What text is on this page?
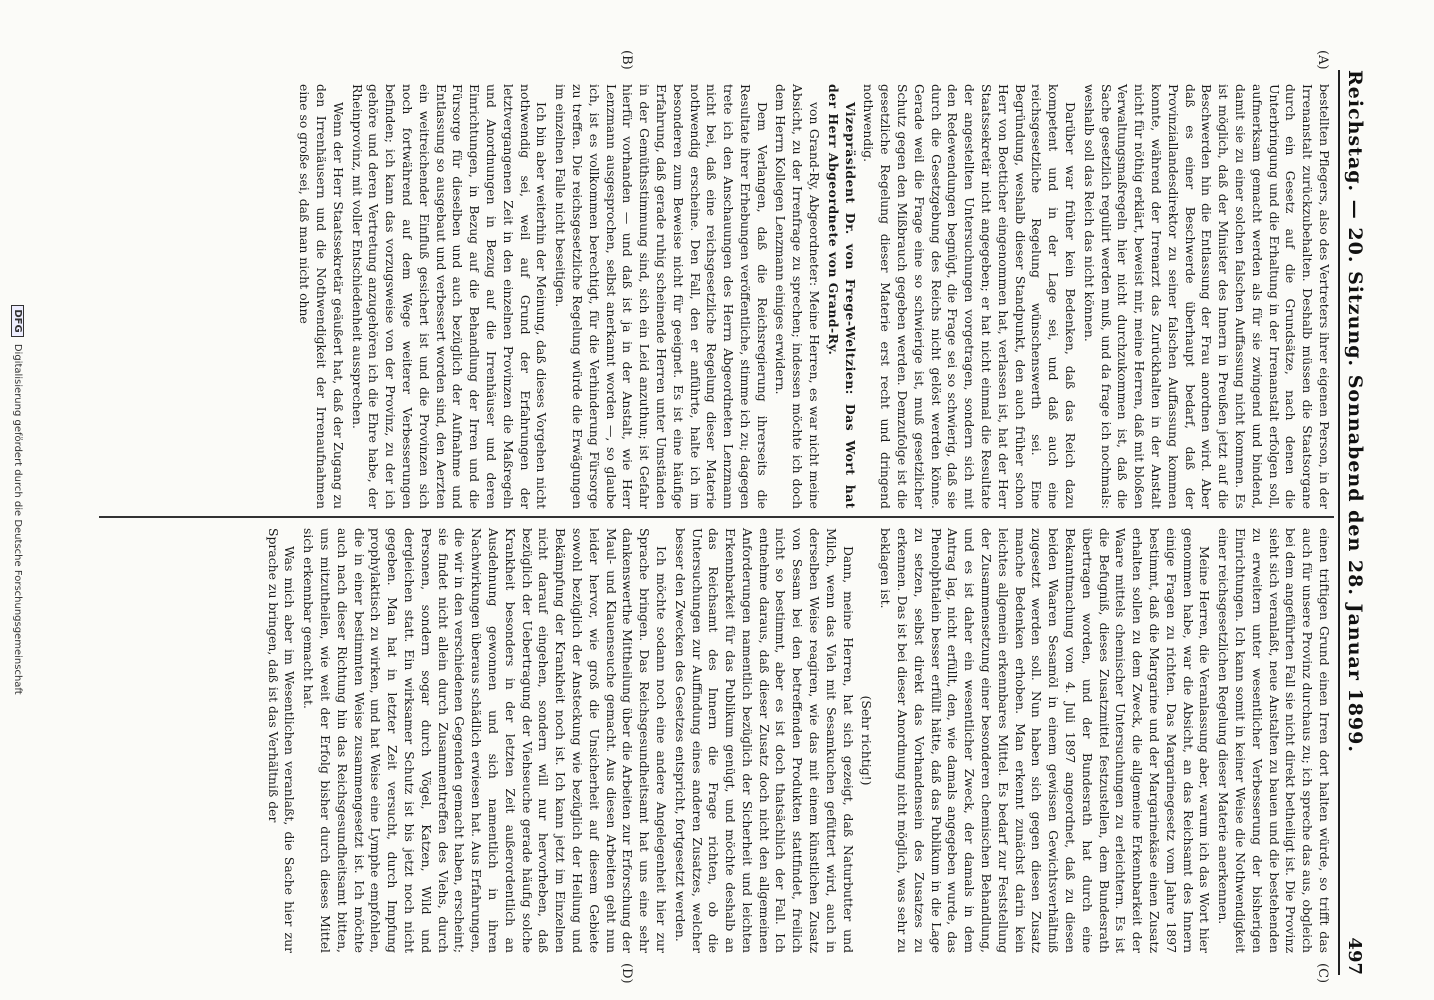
Reichstag. — 20. Sitzung. Sonnabend den 28. Januar 1899.
497
(A)
(B)
(C)
(D)

bestellten Pflegers, also des Vertreters ihrer eigenen Person, in der Irrenanstalt zurückzubehalten. Deshalb müssen die Staatsorgane durch ein Gesetz auf die Grundsätze, nach denen die Unterbringung und die Erhaltung in der Irrenanstalt erfolgen soll, aufmerksam gemacht werden als für sie zwingend und bindend, damit sie zu einer solchen falschen Auffassung nicht kommen. Es ist möglich, daß der Minister des Innern in Preußen jetzt auf die Beschwerden hin die Entlassung der Frau anordnen wird. Aber daß es einer Beschwerde überhaupt bedarf, daß der Provinziallandesdirektor zu seiner falschen Auffassung kommen konnte, während der Irrenarzt das Zurückhalten in der Anstalt nicht für nöthig erklärt, beweist mir, meine Herren, daß mit bloßen Verwaltungsmaßregeln hier nicht durchzukommen ist, daß die Sache gesetzlich regulirt werden muß, und da frage ich nochmals: weshalb soll das Reich das nicht können.

Darüber war früher kein Bedenken, daß das Reich dazu kompetent und in der Lage sei, und daß auch eine reichsgesetzliche Regelung wünschenswerth sei. Eine Begründung, weshalb dieser Standpunkt, den auch früher schon Herr von Boetticher eingenommen hat, verlassen ist, hat der Herr Staatssekretär nicht angegeben; er hat nicht einmal die Resultate der angestellten Untersuchungen vorgetragen, sondern sich mit den Redewendungen begnügt, die Frage sei so schwierig, daß sie durch die Gesetzgebung des Reichs nicht gelöst werden könne. Gerade weil die Frage eine so schwierige ist, muß gesetzlicher Schutz gegen den Mißbrauch gegeben werden. Demzufolge ist die gesetzliche Regelung dieser Materie erst recht und dringend nothwendig.

Vizepräsident Dr. von Frege-Weltzien: Das Wort hat der Herr Abgeordnete von Grand-Ry.

von Grand-Ry, Abgeordneter: Meine Herren, es war nicht meine Absicht, zu der Irrenfrage zu sprechen; indessen möchte ich doch dem Herrn Kollegen Lenzmann einiges erwidern.

Dem Verlangen, daß die Reichsregierung ihrerseits die Resultate ihrer Erhebungen veröffentliche, stimme ich zu; dagegen trete ich den Anschauungen des Herrn Abgeordneten Lenzmann nicht bei, daß eine reichsgesetzliche Regelung dieser Materie nothwendig erscheine. Den Fall, den er anführte, halte ich im besonderen zum Beweise nicht für geeignet. Es ist eine häufige Erfahrung, daß gerade ruhig scheinende Herren unter Umständen in der Gemüthsstimmung sind, sich ein Leid anzuthun; ist Gefahr hierfür vorhanden — und daß ist ja in der Anstalt, wie Herr Lenzmann ausgesprochen, selbst anerkannt worden —, so glaube ich, ist es vollkommen berechtigt, für die Verhinderung Fürsorge zu treffen. Die reichsgesetzliche Regelung würde die Erwägungen im einzelnen Falle nicht beseitigen.

Ich bin aber weiterhin der Meinung, daß dieses Vorgehen nicht nothwendig sei, weil auf Grund der Erfahrungen der letztvergangenen Zeit in den einzelnen Provinzen die Maßregeln und Anordnungen in Bezug auf die Irrenhäuser und deren Einrichtungen, in Bezug auf die Behandlung der Irren und die Fürsorge für dieselben und auch bezüglich der Aufnahme und Entlassung so ausgebaut und verbessert worden sind, den Aerzten ein weitreichender Einfluß gesichert ist und die Provinzen sich noch fortwährend auf dem Wege weiterer Verbesserungen befinden; ich kann das vorzugsweise von der Provinz, zu der ich gehöre und deren Vertretung anzugehören ich die Ehre habe, der Rheinprovinz, mit voller Entschiedenheit aussprechen.

Wenn der Herr Staatssekretär geäußert hat, daß der Zugang zu den Irrenhäusern und die Nothwendigkeit der Irrenaufnahmen eine so große sei, daß man nicht ohne

einen triftigen Grund einen Irren dort halten würde, so trifft das auch für unsere Provinz durchaus zu; ich spreche das aus, obgleich bei dem angeführten Fall sie nicht direkt betheiligt ist. Die Provinz sieht sich veranlaßt, neue Anstalten zu bauen und die bestehenden zu erweitern unter wesentlicher Verbesserung der bisherigen Einrichtungen. Ich kann somit in keiner Weise die Nothwendigkeit einer reichsgesetzlichen Regelung dieser Materie anerkennen.

Meine Herren, die Veranlassung aber, warum ich das Wort hier genommen habe, war die Absicht, an das Reichsamt des Innern einige Fragen zu richten. Das Margarinegesetz vom Jahre 1897 bestimmt, daß die Margarine und der Margarinekäse einen Zusatz erhalten sollen zu dem Zweck, die allgemeine Erkennbarkeit der Waare mittels chemischer Untersuchungen zu erleichtern. Es ist die Befugniß, dieses Zusatzmittel festzustellen, dem Bundesrath übertragen worden, und der Bundesrath hat durch eine Bekanntmachung vom 4. Juli 1897 angeordnet, daß zu diesen beiden Waaren Sesamöl in einem gewissen Gewichtsverhältniß zugesetzt werden soll. Nun haben sich gegen diesen Zusatz manche Bedenken erhoben. Man erkennt zunächst darin kein leichtes allgemein erkennbares Mittel. Es bedarf zur Feststellung der Zusammensetzung einer besonderen chemischen Behandlung, und es ist daher ein wesentlicher Zweck, der damals in dem Antrag lag, nicht erfüllt, den, wie damals angegeben wurde, das Phenolphtalein besser erfüllt hätte, daß das Publikum in die Lage zu setzen, selbst direkt das Vorhandensein des Zusatzes zu erkennen. Das ist bei dieser Anordnung nicht möglich, was sehr zu beklagen ist.

(Sehr richtig!)

Dann, meine Herren, hat sich gezeigt, daß Naturbutter und Milch, wenn das Vieh mit Sesamkuchen gefüttert wird, auch in derselben Weise reagiren, wie das mit einem künstlichen Zusatz von Sesam bei den betreffenden Produkten stattfindet, freilich nicht so bestimmt, aber es ist doch thatsächlich der Fall. Ich entnehme daraus, daß dieser Zusatz doch nicht den allgemeinen Anforderungen namentlich bezüglich der Sicherheit und leichten Erkennbarkeit für das Publikum genügt, und möchte deshalb an das Reichsamt des Innern die Frage richten, ob die Untersuchungen zur Auffindung eines anderen Zusatzes, welcher besser den Zwecken des Gesetzes entspricht, fortgesetzt werden.

Ich möchte sodann noch eine andere Angelegenheit hier zur Sprache bringen. Das Reichsgesundheitsamt hat uns eine sehr dankenswerthe Mittheilung über die Arbeiten zur Erforschung der Maul- und Klauenseuche gemacht. Aus diesen Arbeiten geht nun leider hervor, wie groß die Unsicherheit auf diesem Gebiete sowohl bezüglich der Ansteckung wie bezüglich der Heilung und Bekämpfung der Krankheit noch ist. Ich kann jetzt im Einzelnen nicht darauf eingehen, sondern will nur hervorheben, daß bezüglich der Uebertragung der Viehseuche gerade häufig solche Krankheit besonders in der letzten Zeit außerordentlich an Ausdehnung gewonnen und sich namentlich in ihren Nachwirkungen überaus schädlich erwiesen hat. Aus Erfahrungen, die wir in den verschiedenen Gegenden gemacht haben, erscheint; sie findet nicht allein durch Zusammentreffen des Viehs, durch Personen, sondern sogar durch Vögel, Katzen, Wild und dergleichen statt. Ein wirksamer Schutz ist bis jetzt noch nicht gegeben. Man hat in letzter Zeit versucht, durch Impfung prophylaktisch zu wirken, und hat Weise eine Lymphe empfohlen, die in einer bestimmten Weise zusammengesetzt ist. Ich möchte auch nach dieser Richtung hin das Reichsgesundheitsamt bitten, uns mitzutheilen, wie weit der Erfolg bisher durch dieses Mittel sich erkennbar gemacht hat.

Was mich aber im Wesentlichen veranlaßt, die Sache hier zur Sprache zu bringen, daß ist das Verhältniß der

DFG Digitalisierung gefördert durch die Deutsche Forschungsgemeinschaft
